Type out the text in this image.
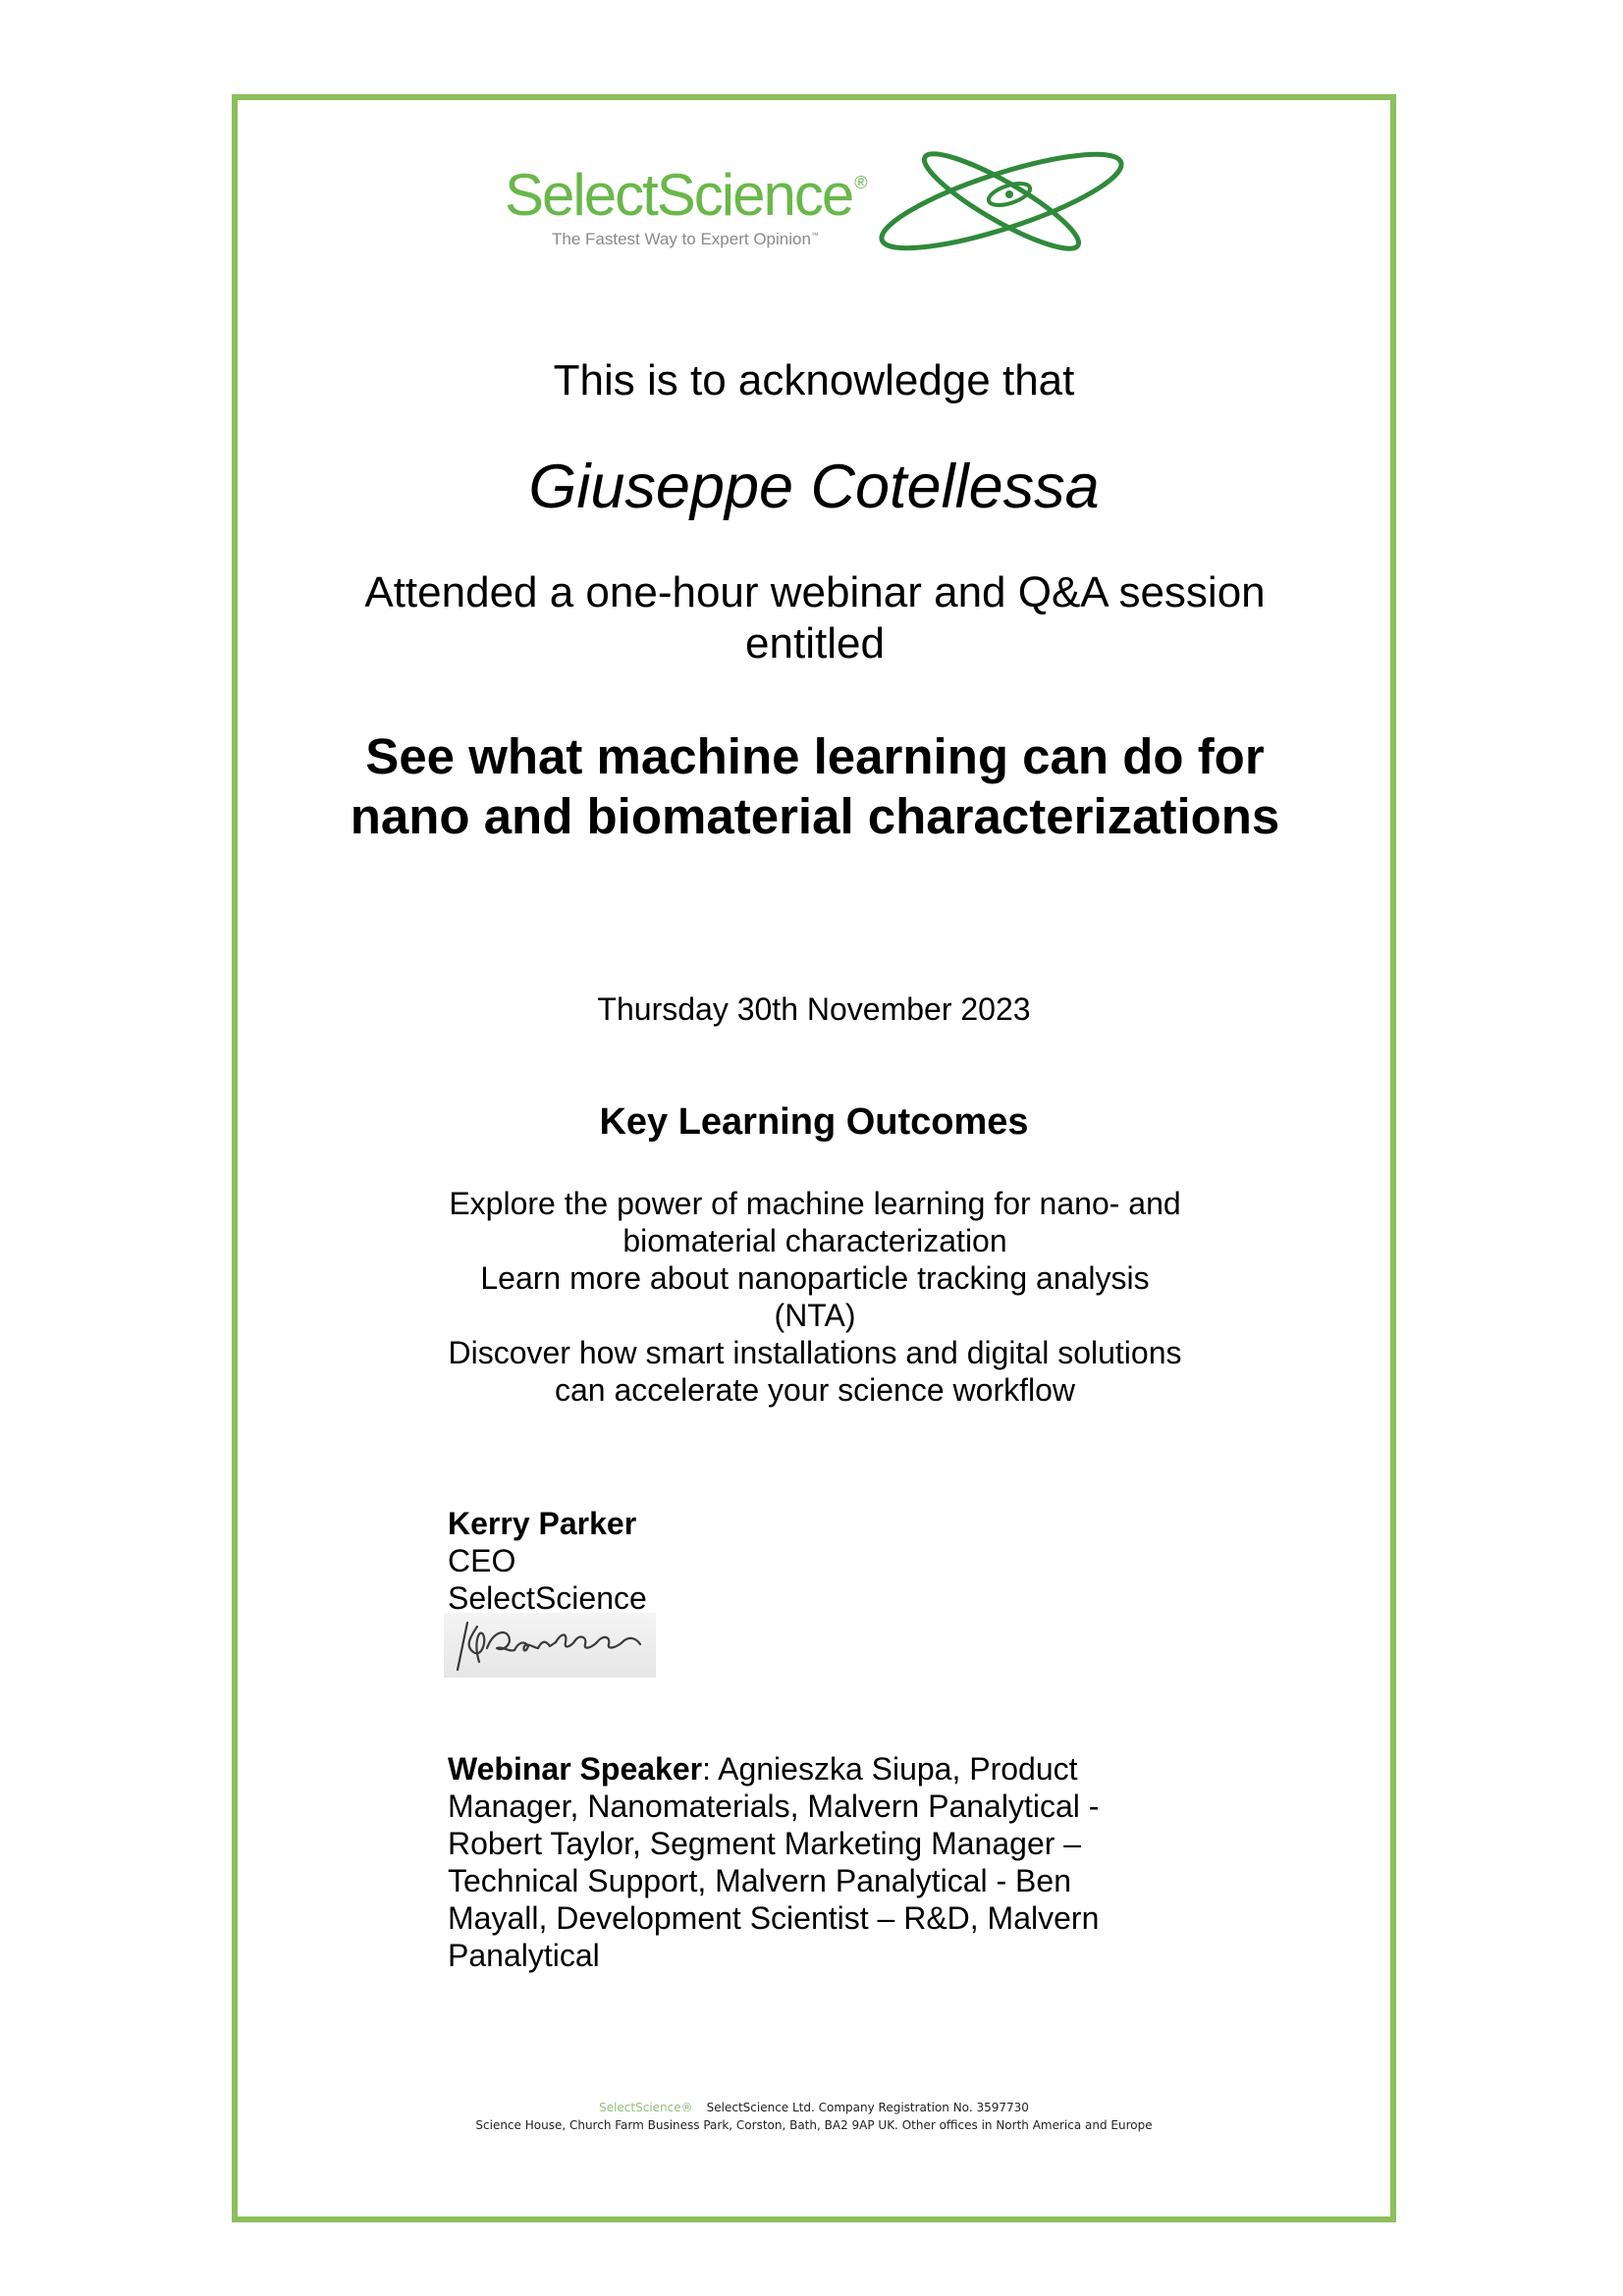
SelectScience ®
The Fastest Way to Expert Opinion™
This is to acknowledge that
Giuseppe Cotellessa
Attended a one-hour webinar and Q&A session entitled
See what machine learning can do for nano and biomaterial characterizations
Thursday 30th November 2023
Key Learning Outcomes
Explore the power of machine learning for nano- and biomaterial characterization
Learn more about nanoparticle tracking analysis (NTA)
Discover how smart installations and digital solutions can accelerate your science workflow
Kerry Parker
CEO
SelectScience
Webinar Speaker: Agnieszka Siupa, Product Manager, Nanomaterials, Malvern Panalytical - Robert Taylor, Segment Marketing Manager – Technical Support, Malvern Panalytical - Ben Mayall, Development Scientist – R&D, Malvern Panalytical
SelectScience® SelectScience Ltd. Company Registration No. 3597730
Science House, Church Farm Business Park, Corston, Bath, BA2 9AP UK. Other offices in North America and Europe
